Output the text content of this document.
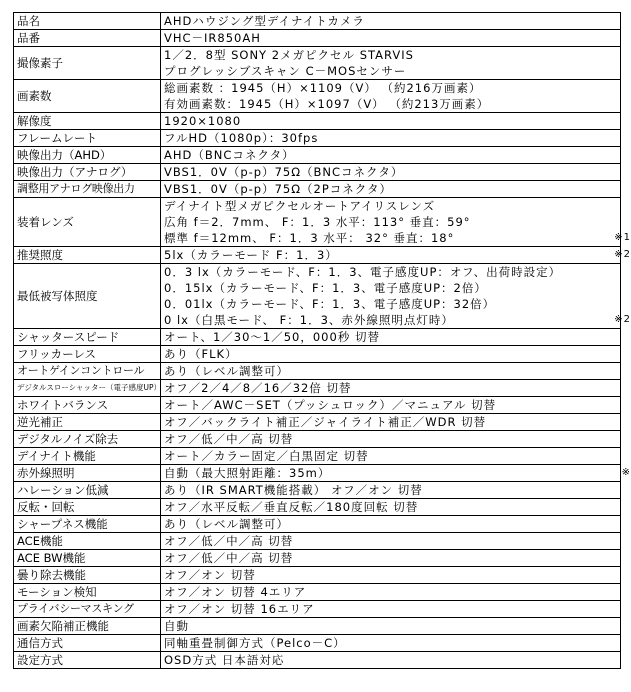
品名	AHDハウジング型デイナイトカメラ

品番	VHC－IR850AH

撮像素子	1／2．8型 SONY 2メガピクセル STARVIS
プログレッシブスキャン C－MOSセンサー

画素数	総画素数 ：1945（H）×1109（V） （約216万画素）
有効画素数：1945（H）×1097（V） （約213万画素）

解像度	1920×1080

フレームレート	フルHD（1080p）：30fps

映像出力（AHD）	AHD（BNCコネクタ）

映像出力（アナログ）	VBS1．0V（p-p）75Ω（BNCコネクタ）

調整用アナログ映像出力	VBS1．0V（p-p）75Ω（2Pコネクタ）

装着レンズ	デイナイト型メガピクセルオートアイリスレンズ
広角 f＝2．7mm、 F：1．3 水平：113° 垂直：59°
標準 f＝12mm、 F：1．3 水平： 32° 垂直：18° ※1

推奨照度	5lx（カラーモード F：1．3） ※2

最低被写体照度	0．3 lx（カラーモード、F：1．3、電子感度UP：オフ、出荷時設定）
0．15lx（カラーモード、F：1．3、電子感度UP：2倍）
0．01lx（カラーモード、F：1．3、電子感度UP：32倍）
0 lx（白黒モード、 F：1．3、赤外線照明点灯時） ※2

シャッタースピード	オート、1／30～1／50，000秒 切替

フリッカーレス	あり（FLK）

オートゲインコントロール	あり（レベル調整可）

デジタルスローシャッター（電子感度UP）	オフ／2／4／8／16／32倍 切替

ホワイトバランス	オート／AWC－SET（プッシュロック）／マニュアル 切替

逆光補正	オフ／バックライト補正／ジャイライト補正／WDR 切替

デジタルノイズ除去	オフ／低／中／高 切替

デイナイト機能	オート／カラー固定／白黒固定 切替

赤外線照明	自動（最大照射距離：35m） ※

ハレーション低減	あり（IR SMART機能搭載） オフ／オン 切替

反転・回転	オフ／水平反転／垂直反転／180度回転 切替

シャープネス機能	あり（レベル調整可）

ACE機能	オフ／低／中／高 切替

ACE BW機能	オフ／低／中／高 切替

曇り除去機能	オフ／オン 切替

モーション検知	オフ／オン 切替 4エリア

プライバシーマスキング	オフ／オン 切替 16エリア

画素欠陥補正機能	自動

通信方式	同軸重畳制御方式（Pelco－C）

設定方式	OSD方式 日本語対応
